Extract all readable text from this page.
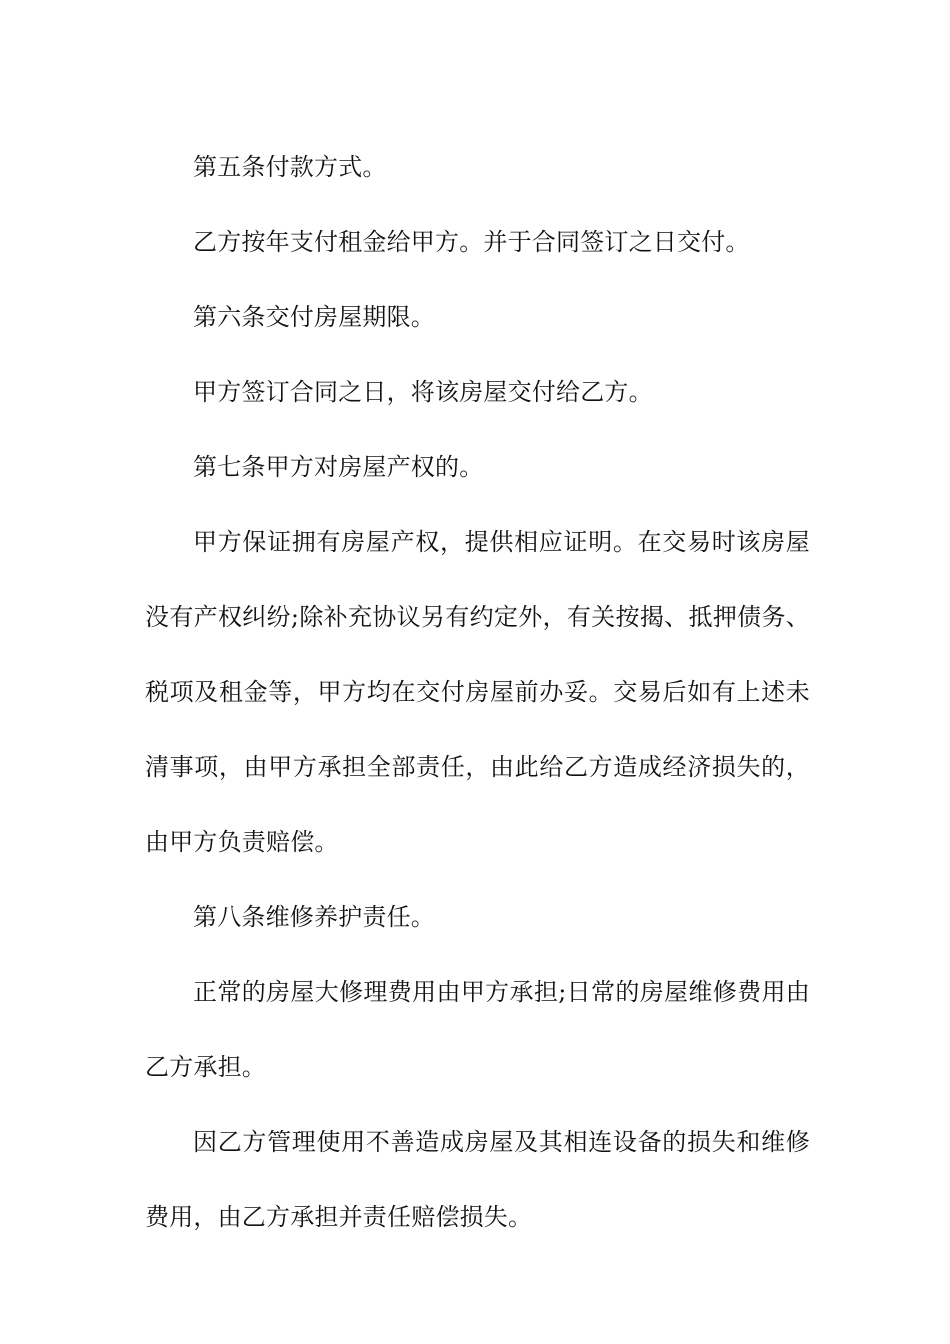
第五条付款方式。

乙方按年支付租金给甲方。并于合同签订之日交付。

第六条交付房屋期限。

甲方签订合同之日，将该房屋交付给乙方。

第七条甲方对房屋产权的。

甲方保证拥有房屋产权，提供相应证明。在交易时该房屋没有产权纠纷;除补充协议另有约定外，有关按揭、抵押债务、税项及租金等，甲方均在交付房屋前办妥。交易后如有上述未清事项，由甲方承担全部责任，由此给乙方造成经济损失的，由甲方负责赔偿。

第八条维修养护责任。

正常的房屋大修理费用由甲方承担;日常的房屋维修费用由乙方承担。

因乙方管理使用不善造成房屋及其相连设备的损失和维修费用，由乙方承担并责任赔偿损失。
